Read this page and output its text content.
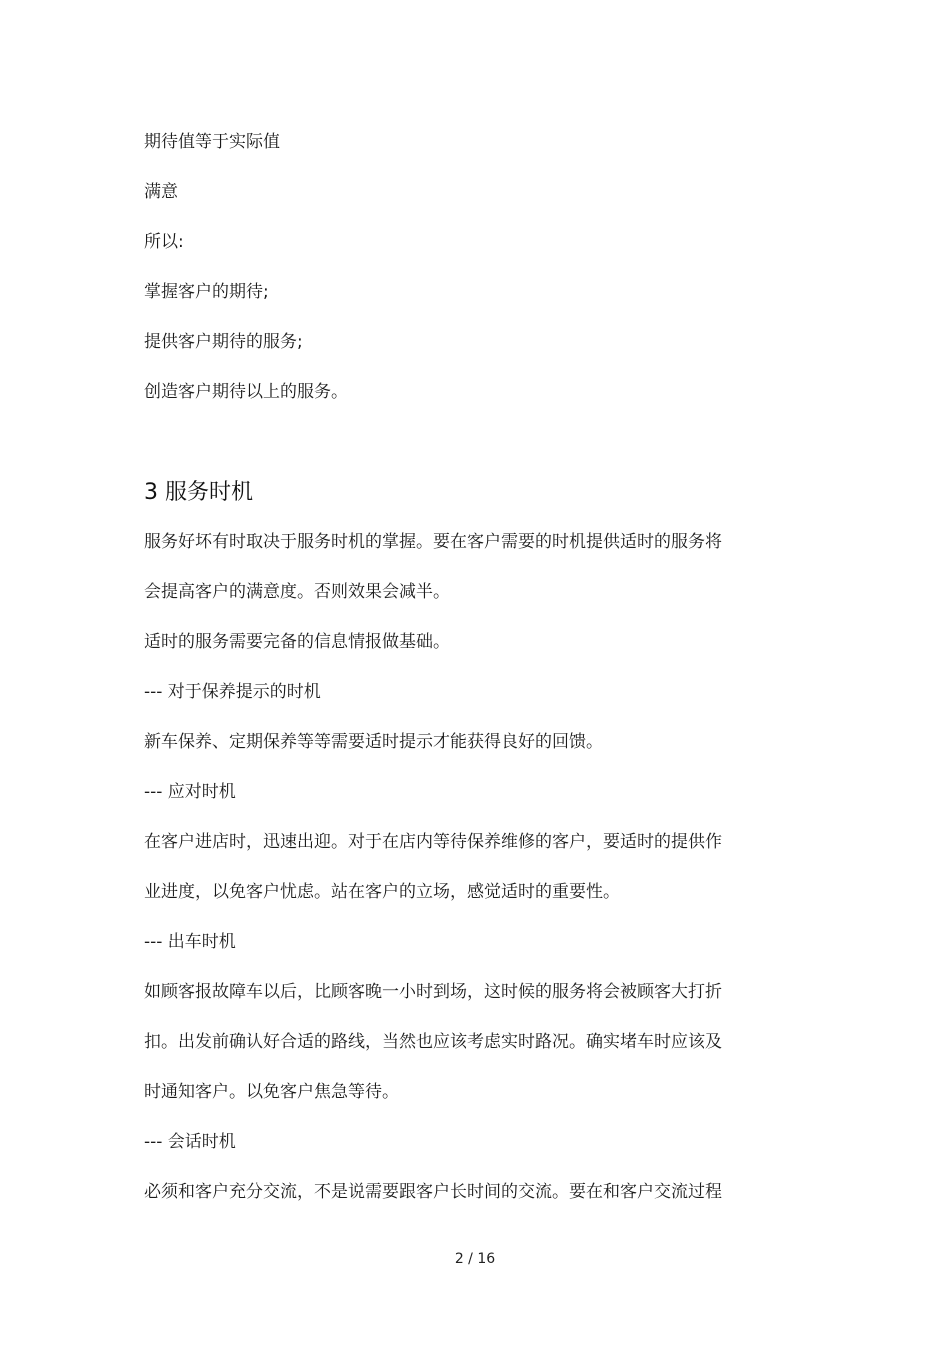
期待值等于实际值
满意
所以:
掌握客户的期待;
提供客户期待的服务;
创造客户期待以上的服务。
3 服务时机
服务好坏有时取决于服务时机的掌握。要在客户需要的时机提供适时的服务将
会提高客户的满意度。否则效果会减半。
适时的服务需要完备的信息情报做基础。
--- 对于保养提示的时机
新车保养、定期保养等等需要适时提示才能获得良好的回馈。
--- 应对时机
在客户进店时，迅速出迎。对于在店内等待保养维修的客户，要适时的提供作
业进度，以免客户忧虑。站在客户的立场，感觉适时的重要性。
--- 出车时机
如顾客报故障车以后，比顾客晚一小时到场，这时候的服务将会被顾客大打折
扣。出发前确认好合适的路线，当然也应该考虑实时路况。确实堵车时应该及
时通知客户。以免客户焦急等待。
--- 会话时机
必须和客户充分交流，不是说需要跟客户长时间的交流。要在和客户交流过程
2 / 16
